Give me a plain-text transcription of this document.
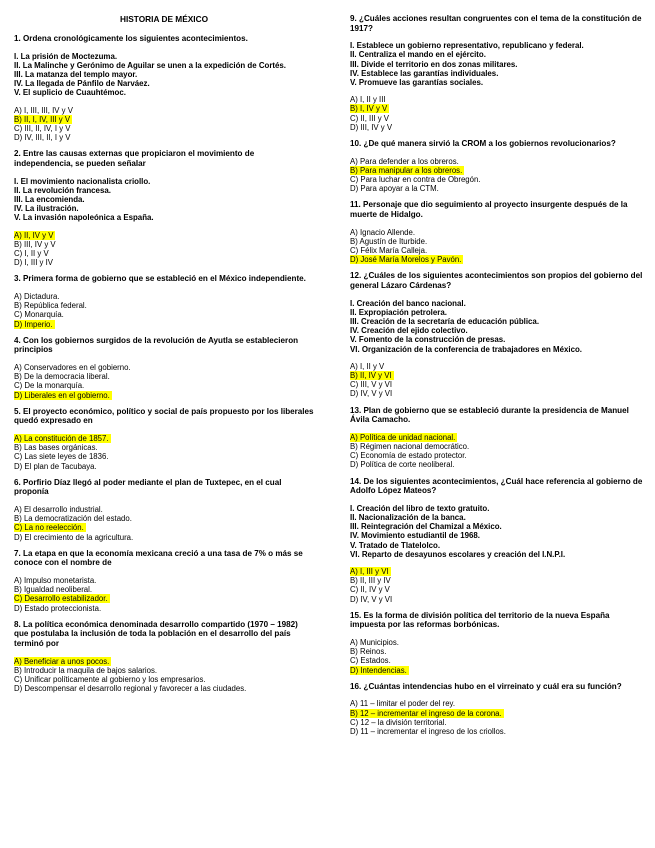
HISTORIA DE MÉXICO
1. Ordena cronológicamente los siguientes acontecimientos.
I. La prisión de Moctezuma.
II. La Malinche y Gerónimo de Aguilar se unen a la expedición de Cortés.
III. La matanza del templo mayor.
IV. La llegada de Pánfilo de Narváez.
V. El suplicio de Cuauhtémoc.
A) I, III, III, IV y V
B) II, I, IV, III y V
C) III, II, IV, I y V
D) IV, III, II, I y V
2. Entre las causas externas que propiciaron el movimiento de independencia, se pueden señalar
I. El movimiento nacionalista criollo.
II. La revolución francesa.
III. La encomienda.
IV. La ilustración.
V. La invasión napoleónica a España.
A) II, IV y V
B) III, IV y V
C) I, II y V
D) I, III y IV
3. Primera forma de gobierno que se estableció en el México independiente.
A) Dictadura.
B) República federal.
C) Monarquía.
D) Imperio.
4. Con los gobiernos surgidos de la revolución de Ayutla se establecieron principios
A) Conservadores en el gobierno.
B) De la democracia liberal.
C) De la monarquía.
D) Liberales en el gobierno.
5. El proyecto económico, político y social de país propuesto por los liberales quedó expresado en
A) La constitución de 1857.
B) Las bases orgánicas.
C) Las siete leyes de 1836.
D) El plan de Tacubaya.
6. Porfirio Díaz llegó al poder mediante el plan de Tuxtepec, en el cual proponía
A) El desarrollo industrial.
B) La democratización del estado.
C) La no reelección.
D) El crecimiento de la agricultura.
7. La etapa en que la economía mexicana creció a una tasa de 7% o más se conoce con el nombre de
A) Impulso monetarista.
B) Igualdad neoliberal.
C) Desarrollo estabilizador.
D) Estado proteccionista.
8. La política económica denominada desarrollo compartido (1970 – 1982) que postulaba la inclusión de toda la población en el desarrollo del país terminó por
A) Beneficiar a unos pocos.
B) Introducir la maquila de bajos salarios.
C) Unificar políticamente al gobierno y los empresarios.
D) Descompensar el desarrollo regional y favorecer a las ciudades.
9. ¿Cuáles acciones resultan congruentes con el tema de la constitución de 1917?
I. Establece un gobierno representativo, republicano y federal.
II. Centraliza el mando en el ejército.
III. Divide el territorio en dos zonas militares.
IV. Establece las garantías individuales.
V. Promueve las garantías sociales.
A) I, II y III
B) I, IV y V
C) II, III y V
D) III, IV y V
10. ¿De qué manera sirvió la CROM a los gobiernos revolucionarios?
A) Para defender a los obreros.
B) Para manipular a los obreros.
C) Para luchar en contra de Obregón.
D) Para apoyar a la CTM.
11. Personaje que dio seguimiento al proyecto insurgente después de la muerte de Hidalgo.
A) Ignacio Allende.
B) Agustín de Iturbide.
C) Félix María Calleja.
D) José María Morelos y Pavón.
12. ¿Cuáles de los siguientes acontecimientos son propios del gobierno del general Lázaro Cárdenas?
I. Creación del banco nacional.
II. Expropiación petrolera.
III. Creación de la secretaría de educación pública.
IV. Creación del ejido colectivo.
V. Fomento de la construcción de presas.
VI. Organización de la conferencia de trabajadores en México.
A) I, II y V
B) II, IV y VI
C) III, V y VI
D) IV, V y VI
13. Plan de gobierno que se estableció durante la presidencia de Manuel Ávila Camacho.
A) Política de unidad nacional.
B) Régimen nacional democrático.
C) Economía de estado protector.
D) Política de corte neoliberal.
14. De los siguientes acontecimientos, ¿Cuál hace referencia al gobierno de Adolfo López Mateos?
I. Creación del libro de texto gratuito.
II. Nacionalización de la banca.
III. Reintegración del Chamizal a México.
IV. Movimiento estudiantil de 1968.
V. Tratado de Tlatelolco.
VI. Reparto de desayunos escolares y creación del I.N.P.I.
A) I, III y VI
B) II, III y IV
C) II, IV y V
D) IV, V y VI
15. Es la forma de división política del territorio de la nueva España impuesta por las reformas borbónicas.
A) Municipios.
B) Reinos.
C) Estados.
D) Intendencias.
16. ¿Cuántas intendencias hubo en el virreinato y cuál era su función?
A) 11 – limitar el poder del rey.
B) 12 – incrementar el ingreso de la corona.
C) 12 – la división territorial.
D) 11 – incrementar el ingreso de los criollos.
